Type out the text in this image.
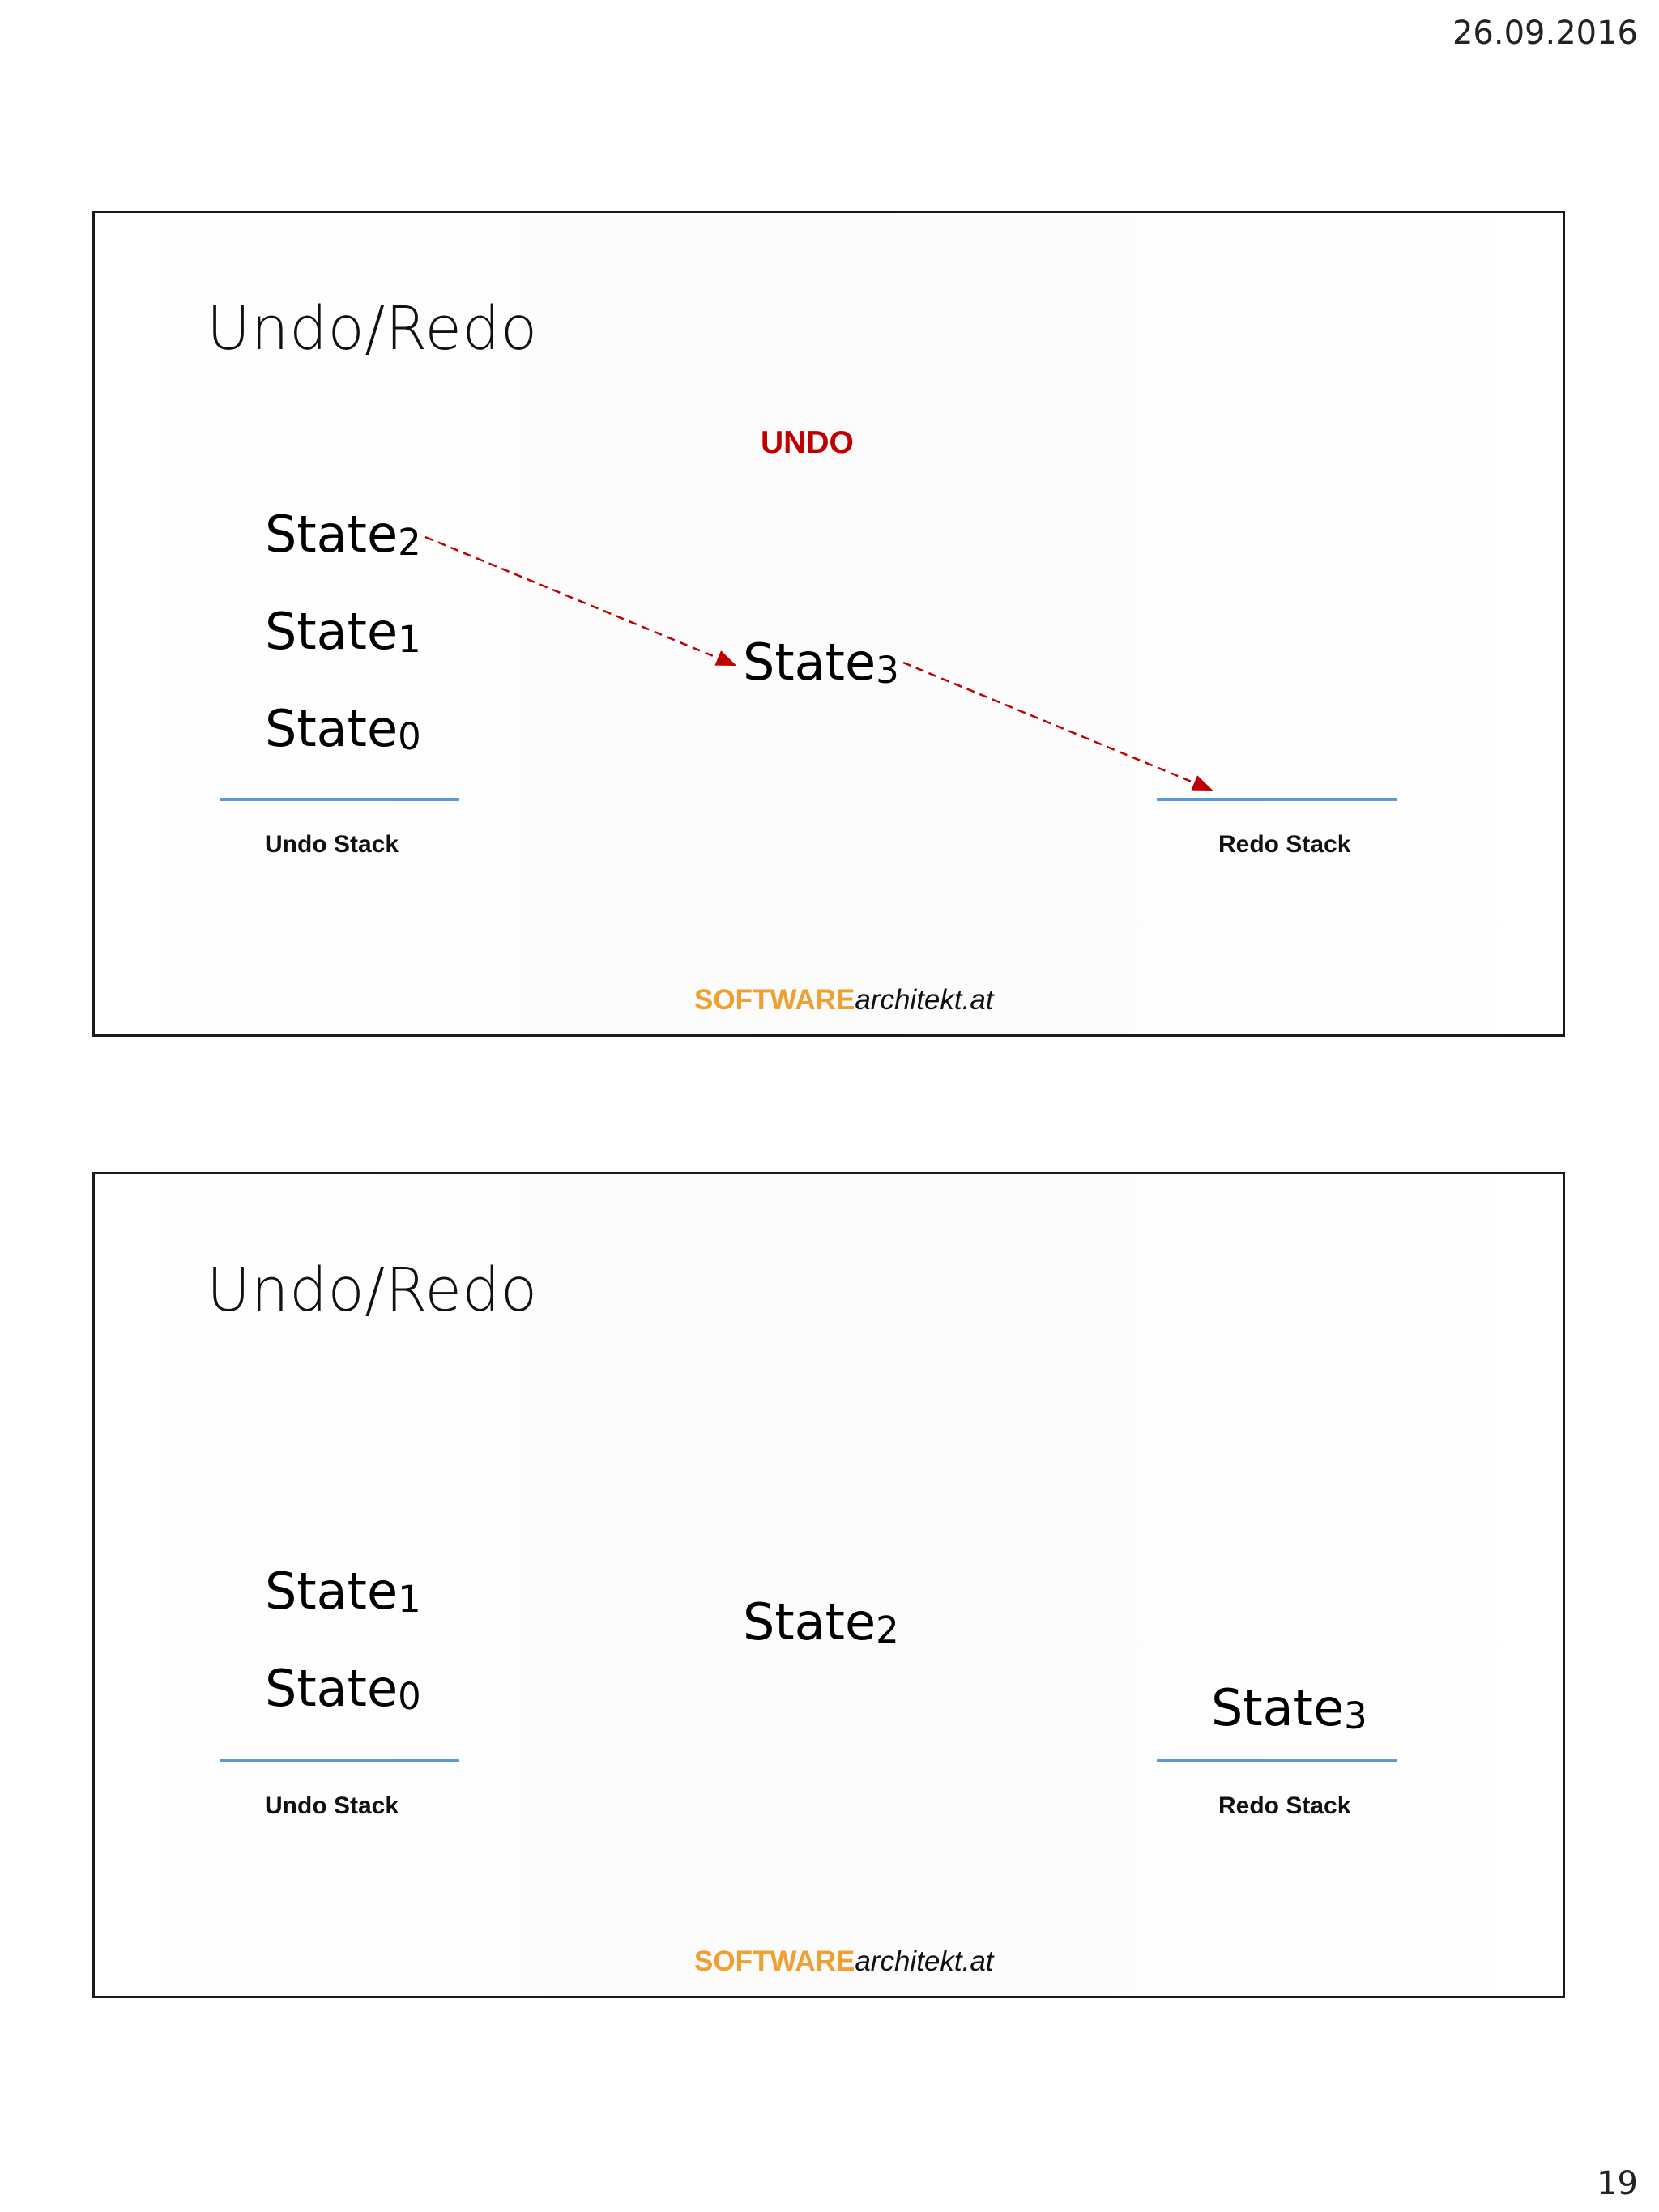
26.09.2016
Undo/Redo
UNDO
State$_2$
State$_1$
State$_0$
State$_3$
Undo Stack	Redo Stack
SOFTWAREarchitekt.at
Undo/Redo
State$_1$
State$_0$
State$_2$
State$_3$
Undo Stack	Redo Stack
SOFTWAREarchitekt.at
19
